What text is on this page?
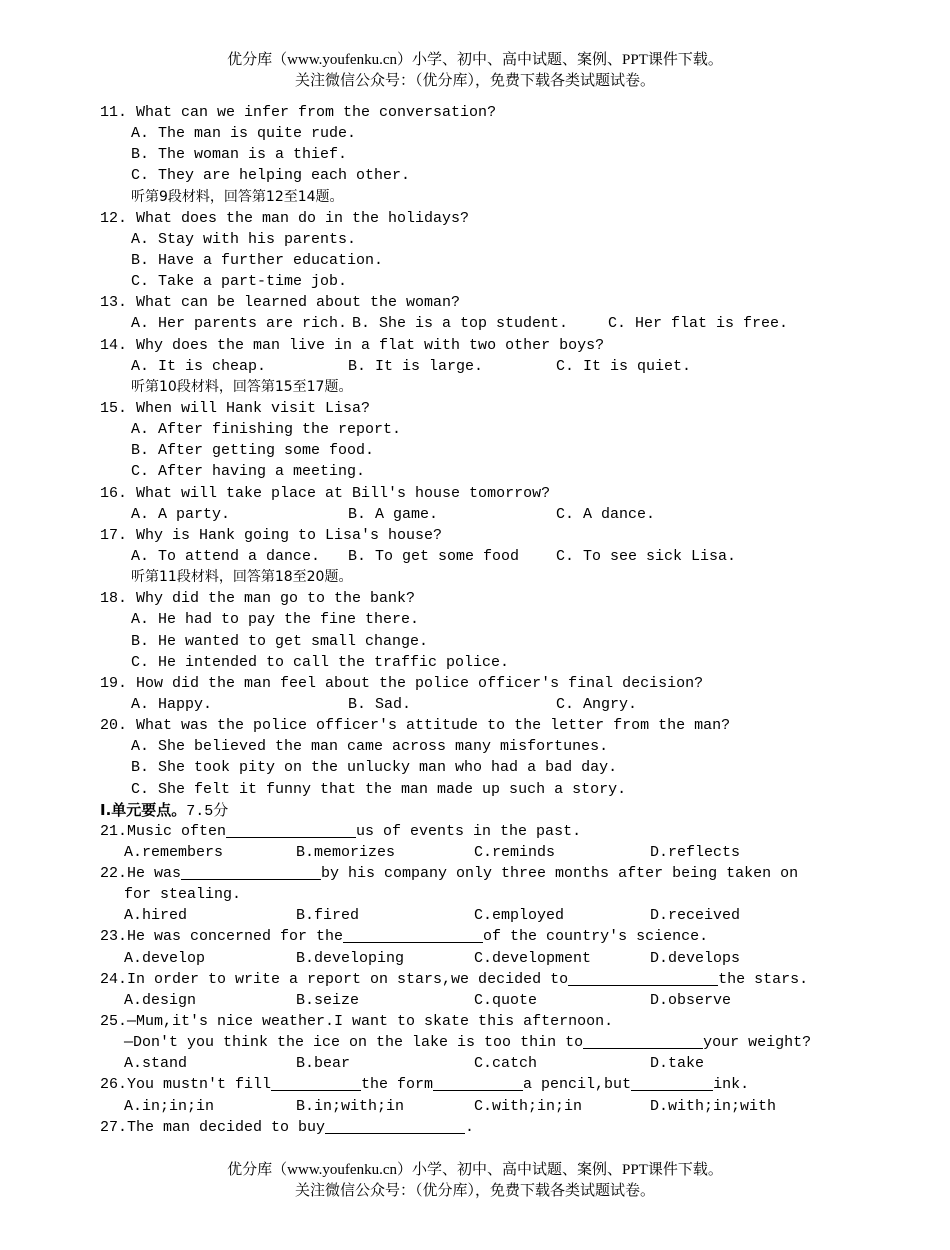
优分库（www.youfenku.cn）小学、初中、高中试题、案例、PPT课件下载。
关注微信公众号：（优分库），免费下载各类试题试卷。
11. What can we infer from the conversation?
A. The man is quite rude.
B. The woman is a thief.
C. They are helping each other.
听第9段材料，回答第12至14题。
12. What does the man do in the holidays?
A. Stay with his parents.
B. Have a further education.
C. Take a part-time job.
13. What can be learned about the woman?

A. Her parents are rich.

B. She is a top student.

	C. Her flat is free.

14. Why does the man live in a flat with two other boys?

A. It is cheap.

	B. It is large.

	C. It is quiet.

听第10段材料，回答第15至17题。
15. When will Hank visit Lisa?
A. After finishing the report.
B. After getting some food.
C. After having a meeting.
16. What will take place at Bill's house tomorrow?

A. A party.

	B. A game.

	C. A dance.

17. Why is Hank going to Lisa's house?

A. To attend a dance.

B. To get some food

C. To see sick Lisa.

听第11段材料，回答第18至20题。
18. Why did the man go to the bank?
A. He had to pay the fine there.
B. He wanted to get small change.
C. He intended to call the traffic police.
19. How did the man feel about the police officer's final decision?

A. Happy.

	B. Sad.

	C. Angry.

20. What was the police officer's attitude to the letter from the man?
A. She believed the man came across many misfortunes.
B. She took pity on the unlucky man who had a bad day.
C. She felt it funny that the man made up such a story.
Ⅰ.单元要点。7.5分
21.Music often	us of events in the past.

A.remembers

	B.memorizes

	C.reminds

	D.reflects

22.He was	by his company only three months after being taken on
for stealing.

A.hired

	B.fired

	C.employed

	D.received

23.He was concerned for the	of the country's science.

A.develop

	B.developing

	C.development

	D.develops

24.In order to write a report on stars,we decided to	the stars.

A.design

	B.seize

	C.quote

	D.observe

25.—Mum,it's nice weather.I want to skate this afternoon.
—Don't you think the ice on the lake is too thin to	your weight?

A.stand

	B.bear

	C.catch

	D.take

26.You mustn't fill	the form	a pencil,but	ink.

A.in;in;in

	B.in;with;in

	C.with;in;in

	D.with;in;with

27.The man decided to buy	.
优分库（www.youfenku.cn）小学、初中、高中试题、案例、PPT课件下载。
关注微信公众号：（优分库），免费下载各类试题试卷。
